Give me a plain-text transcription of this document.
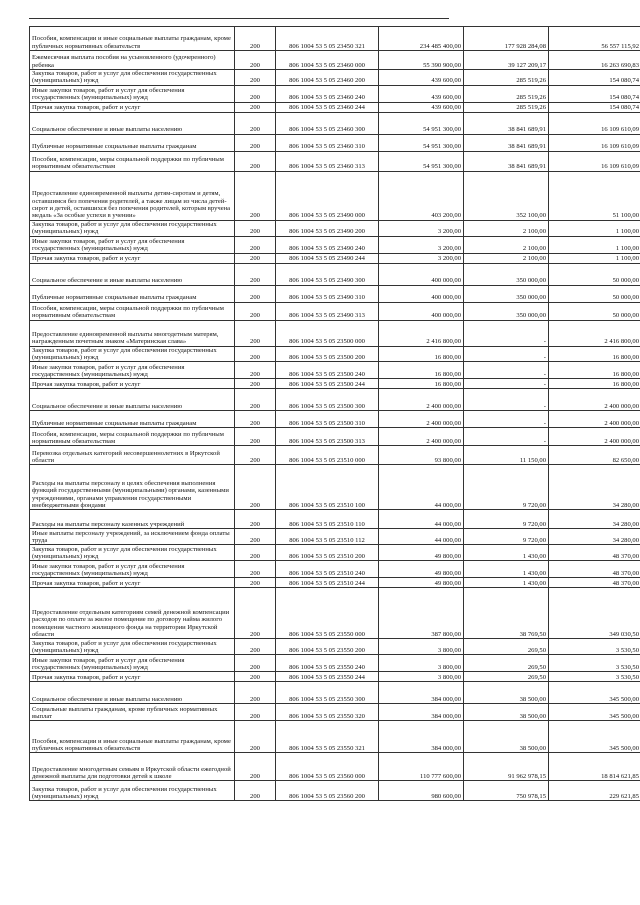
Пособия, компенсации и иные социальные выплаты гражданам, кроме публичных нормативных обязательств	200	806 1004 53 5 05 23450 321	234 485 400,00	177 928 284,08	56 557 115,92
Ежемесячная выплата пособия на усыновленного (удочеренного) ребенка	200	806 1004 53 5 05 23460 000	55 390 900,00	39 127 209,17	16 263 690,83
Закупка товаров, работ и услуг для обеспечения государственных (муниципальных) нужд	200	806 1004 53 5 05 23460 200	439 600,00	285 519,26	154 080,74
Иные закупки товаров, работ и услуг для обеспечения государственных (муниципальных) нужд	200	806 1004 53 5 05 23460 240	439 600,00	285 519,26	154 080,74
Прочая закупка товаров, работ и услуг	200	806 1004 53 5 05 23460 244	439 600,00	285 519,26	154 080,74
Социальное обеспечение и иные выплаты населению	200	806 1004 53 5 05 23460 300	54 951 300,00	38 841 689,91	16 109 610,09
Публичные нормативные социальные выплаты гражданам	200	806 1004 53 5 05 23460 310	54 951 300,00	38 841 689,91	16 109 610,09
Пособия, компенсации, меры социальной поддержки по публичным нормативным обязательствам	200	806 1004 53 5 05 23460 313	54 951 300,00	38 841 689,91	16 109 610,09
Предоставление единовременной выплаты детям-сиротам и детям, оставшимся без попечения родителей, а также лицам из числа детей-сирот и детей, оставшихся без попечения родителей, которым вручена медаль «За особые успехи в учении»	200	806 1004 53 5 05 23490 000	403 200,00	352 100,00	51 100,00
Закупка товаров, работ и услуг для обеспечения государственных (муниципальных) нужд	200	806 1004 53 5 05 23490 200	3 200,00	2 100,00	1 100,00
Иные закупки товаров, работ и услуг для обеспечения государственных (муниципальных) нужд	200	806 1004 53 5 05 23490 240	3 200,00	2 100,00	1 100,00
Прочая закупка товаров, работ и услуг	200	806 1004 53 5 05 23490 244	3 200,00	2 100,00	1 100,00
Социальное обеспечение и иные выплаты населению	200	806 1004 53 5 05 23490 300	400 000,00	350 000,00	50 000,00
Публичные нормативные социальные выплаты гражданам	200	806 1004 53 5 05 23490 310	400 000,00	350 000,00	50 000,00
Пособия, компенсации, меры социальной поддержки по публичным нормативным обязательствам	200	806 1004 53 5 05 23490 313	400 000,00	350 000,00	50 000,00
Предоставление единовременной выплаты многодетным матерям, награжденным почетным знаком «Материнская слава»	200	806 1004 53 5 05 23500 000	2 416 800,00	-	2 416 800,00
Закупка товаров, работ и услуг для обеспечения государственных (муниципальных) нужд	200	806 1004 53 5 05 23500 200	16 800,00	-	16 800,00
Иные закупки товаров, работ и услуг для обеспечения государственных (муниципальных) нужд	200	806 1004 53 5 05 23500 240	16 800,00	-	16 800,00
Прочая закупка товаров, работ и услуг	200	806 1004 53 5 05 23500 244	16 800,00	-	16 800,00
Социальное обеспечение и иные выплаты населению	200	806 1004 53 5 05 23500 300	2 400 000,00	-	2 400 000,00
Публичные нормативные социальные выплаты гражданам	200	806 1004 53 5 05 23500 310	2 400 000,00	-	2 400 000,00
Пособия, компенсации, меры социальной поддержки по публичным нормативным обязательствам	200	806 1004 53 5 05 23500 313	2 400 000,00	-	2 400 000,00
Перевозка отдельных категорий несовершеннолетних в Иркутской области	200	806 1004 53 5 05 23510 000	93 800,00	11 150,00	82 650,00
Расходы на выплаты персоналу в целях обеспечения выполнения функций государственными (муниципальными) органами, казенными учреждениями, органами управления государственными внебюджетными фондами	200	806 1004 53 5 05 23510 100	44 000,00	9 720,00	34 280,00
Расходы на выплаты персоналу казенных учреждений	200	806 1004 53 5 05 23510 110	44 000,00	9 720,00	34 280,00
Иные выплаты персоналу учреждений, за исключением фонда оплаты труда	200	806 1004 53 5 05 23510 112	44 000,00	9 720,00	34 280,00
Закупка товаров, работ и услуг для обеспечения государственных (муниципальных) нужд	200	806 1004 53 5 05 23510 200	49 800,00	1 430,00	48 370,00
Иные закупки товаров, работ и услуг для обеспечения государственных (муниципальных) нужд	200	806 1004 53 5 05 23510 240	49 800,00	1 430,00	48 370,00
Прочая закупка товаров, работ и услуг	200	806 1004 53 5 05 23510 244	49 800,00	1 430,00	48 370,00
Предоставление отдельным категориям семей денежной компенсации расходов по оплате за жилое помещение по договору найма жилого помещения частного жилищного фонда на территории Иркутской области	200	806 1004 53 5 05 23550 000	387 800,00	38 769,50	349 030,50
Закупка товаров, работ и услуг для обеспечения государственных (муниципальных) нужд	200	806 1004 53 5 05 23550 200	3 800,00	269,50	3 530,50
Иные закупки товаров, работ и услуг для обеспечения государственных (муниципальных) нужд	200	806 1004 53 5 05 23550 240	3 800,00	269,50	3 530,50
Прочая закупка товаров, работ и услуг	200	806 1004 53 5 05 23550 244	3 800,00	269,50	3 530,50
Социальное обеспечение и иные выплаты населению	200	806 1004 53 5 05 23550 300	384 000,00	38 500,00	345 500,00
Социальные выплаты гражданам, кроме публичных нормативных выплат	200	806 1004 53 5 05 23550 320	384 000,00	38 500,00	345 500,00
Пособия, компенсации и иные социальные выплаты гражданам, кроме публичных нормативных обязательств	200	806 1004 53 5 05 23550 321	384 000,00	38 500,00	345 500,00
Предоставление многодетным семьям в Иркутской области ежегодной денежной выплаты для подготовки детей к школе	200	806 1004 53 5 05 23560 000	110 777 600,00	91 962 978,15	18 814 621,85
Закупка товаров, работ и услуг для обеспечения государственных (муниципальных) нужд	200	806 1004 53 5 05 23560 200	980 600,00	750 978,15	229 621,85
